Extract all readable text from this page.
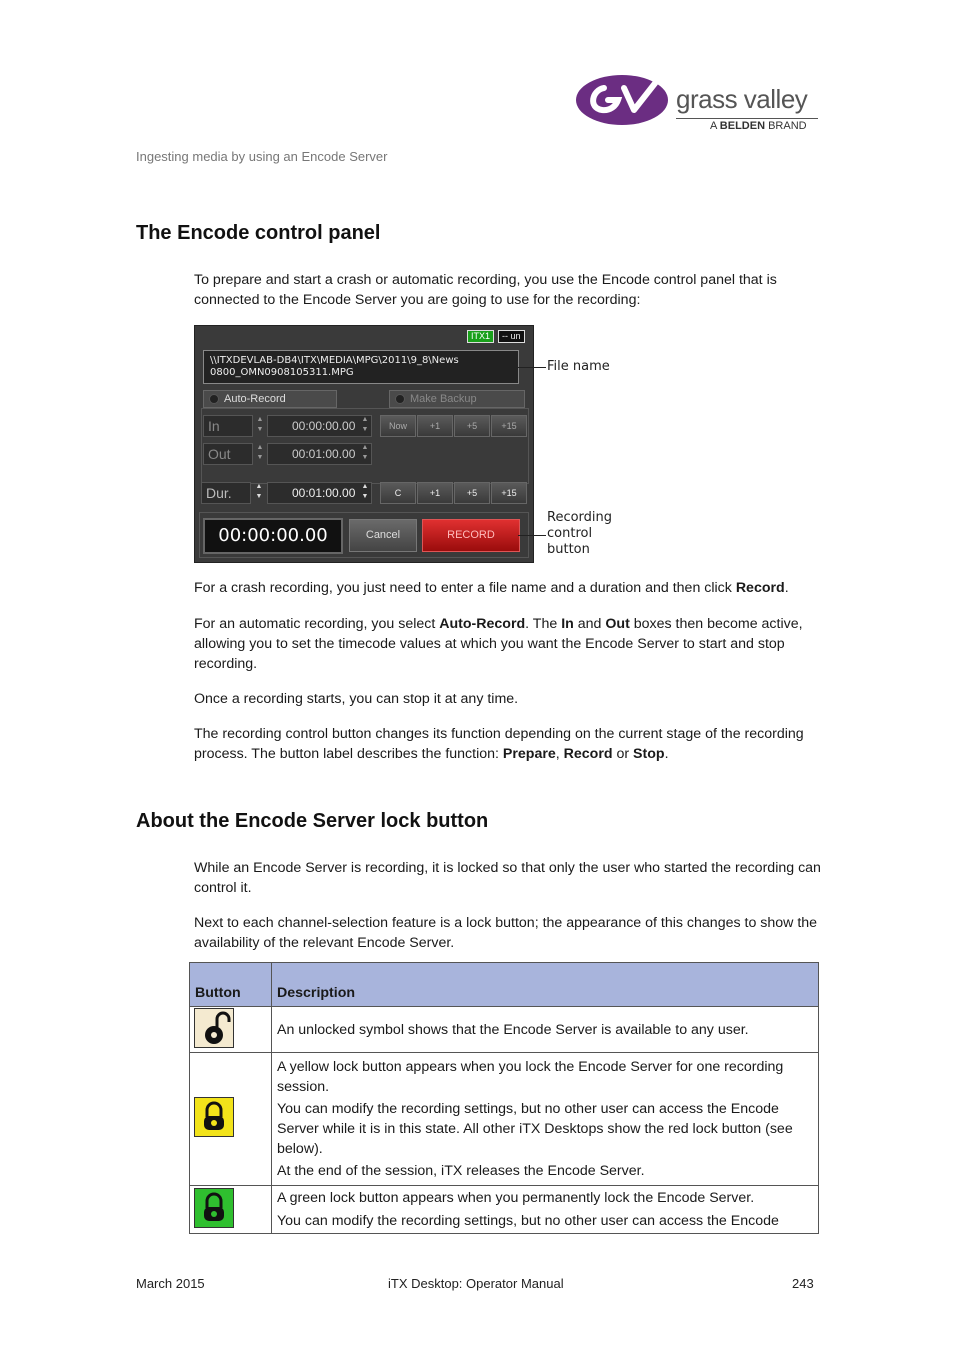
grass valley
A BELDEN BRAND
Ingesting media by using an Encode Server
The Encode control panel

To prepare and start a crash or automatic recording, you use the Encode control panel that is connected to the Encode Server you are going to use for the recording:

ITX1	-- un
\\ITXDEVLAB-DB4\ITX\MEDIA\MPG\2011\9_8\News
0800_OMN0908105311.MPG
Auto-Record	Make Backup
In	▲
▼	00:00:00.00 ▲
▼	Now	+1	+5	+15
Out	▲
▼	00:01:00.00 ▲
▼
Dur.	▲
▼	00:01:00.00 ▲
▼	C	+1	+5	+15
00:00:00.00	Cancel	RECORD
File name
Recording
control
button

For a crash recording, you just need to enter a file name and a duration and then click Record.

For an automatic recording, you select Auto-Record. The In and Out boxes then become active, allowing you to set the timecode values at which you want the Encode Server to start and stop recording.

Once a recording starts, you can stop it at any time.

The recording control button changes its function depending on the current stage of the recording process. The button label describes the function: Prepare, Record or Stop.

About the Encode Server lock button

While an Encode Server is recording, it is locked so that only the user who started the recording can control it.

Next to each channel-selection feature is a lock button; the appearance of this changes to show the availability of the relevant Encode Server.

Button	Description

An unlocked symbol shows that the Encode Server is available to any user.

A yellow lock button appears when you lock the Encode Server for one recording session.
You can modify the recording settings, but no other user can access the Encode Server while it is in this state. All other iTX Desktops show the red lock button (see below).
At the end of the session, iTX releases the Encode Server.

A green lock button appears when you permanently lock the Encode Server.
You can modify the recording settings, but no other user can access the Encode
March 2015	iTX Desktop: Operator Manual	243
